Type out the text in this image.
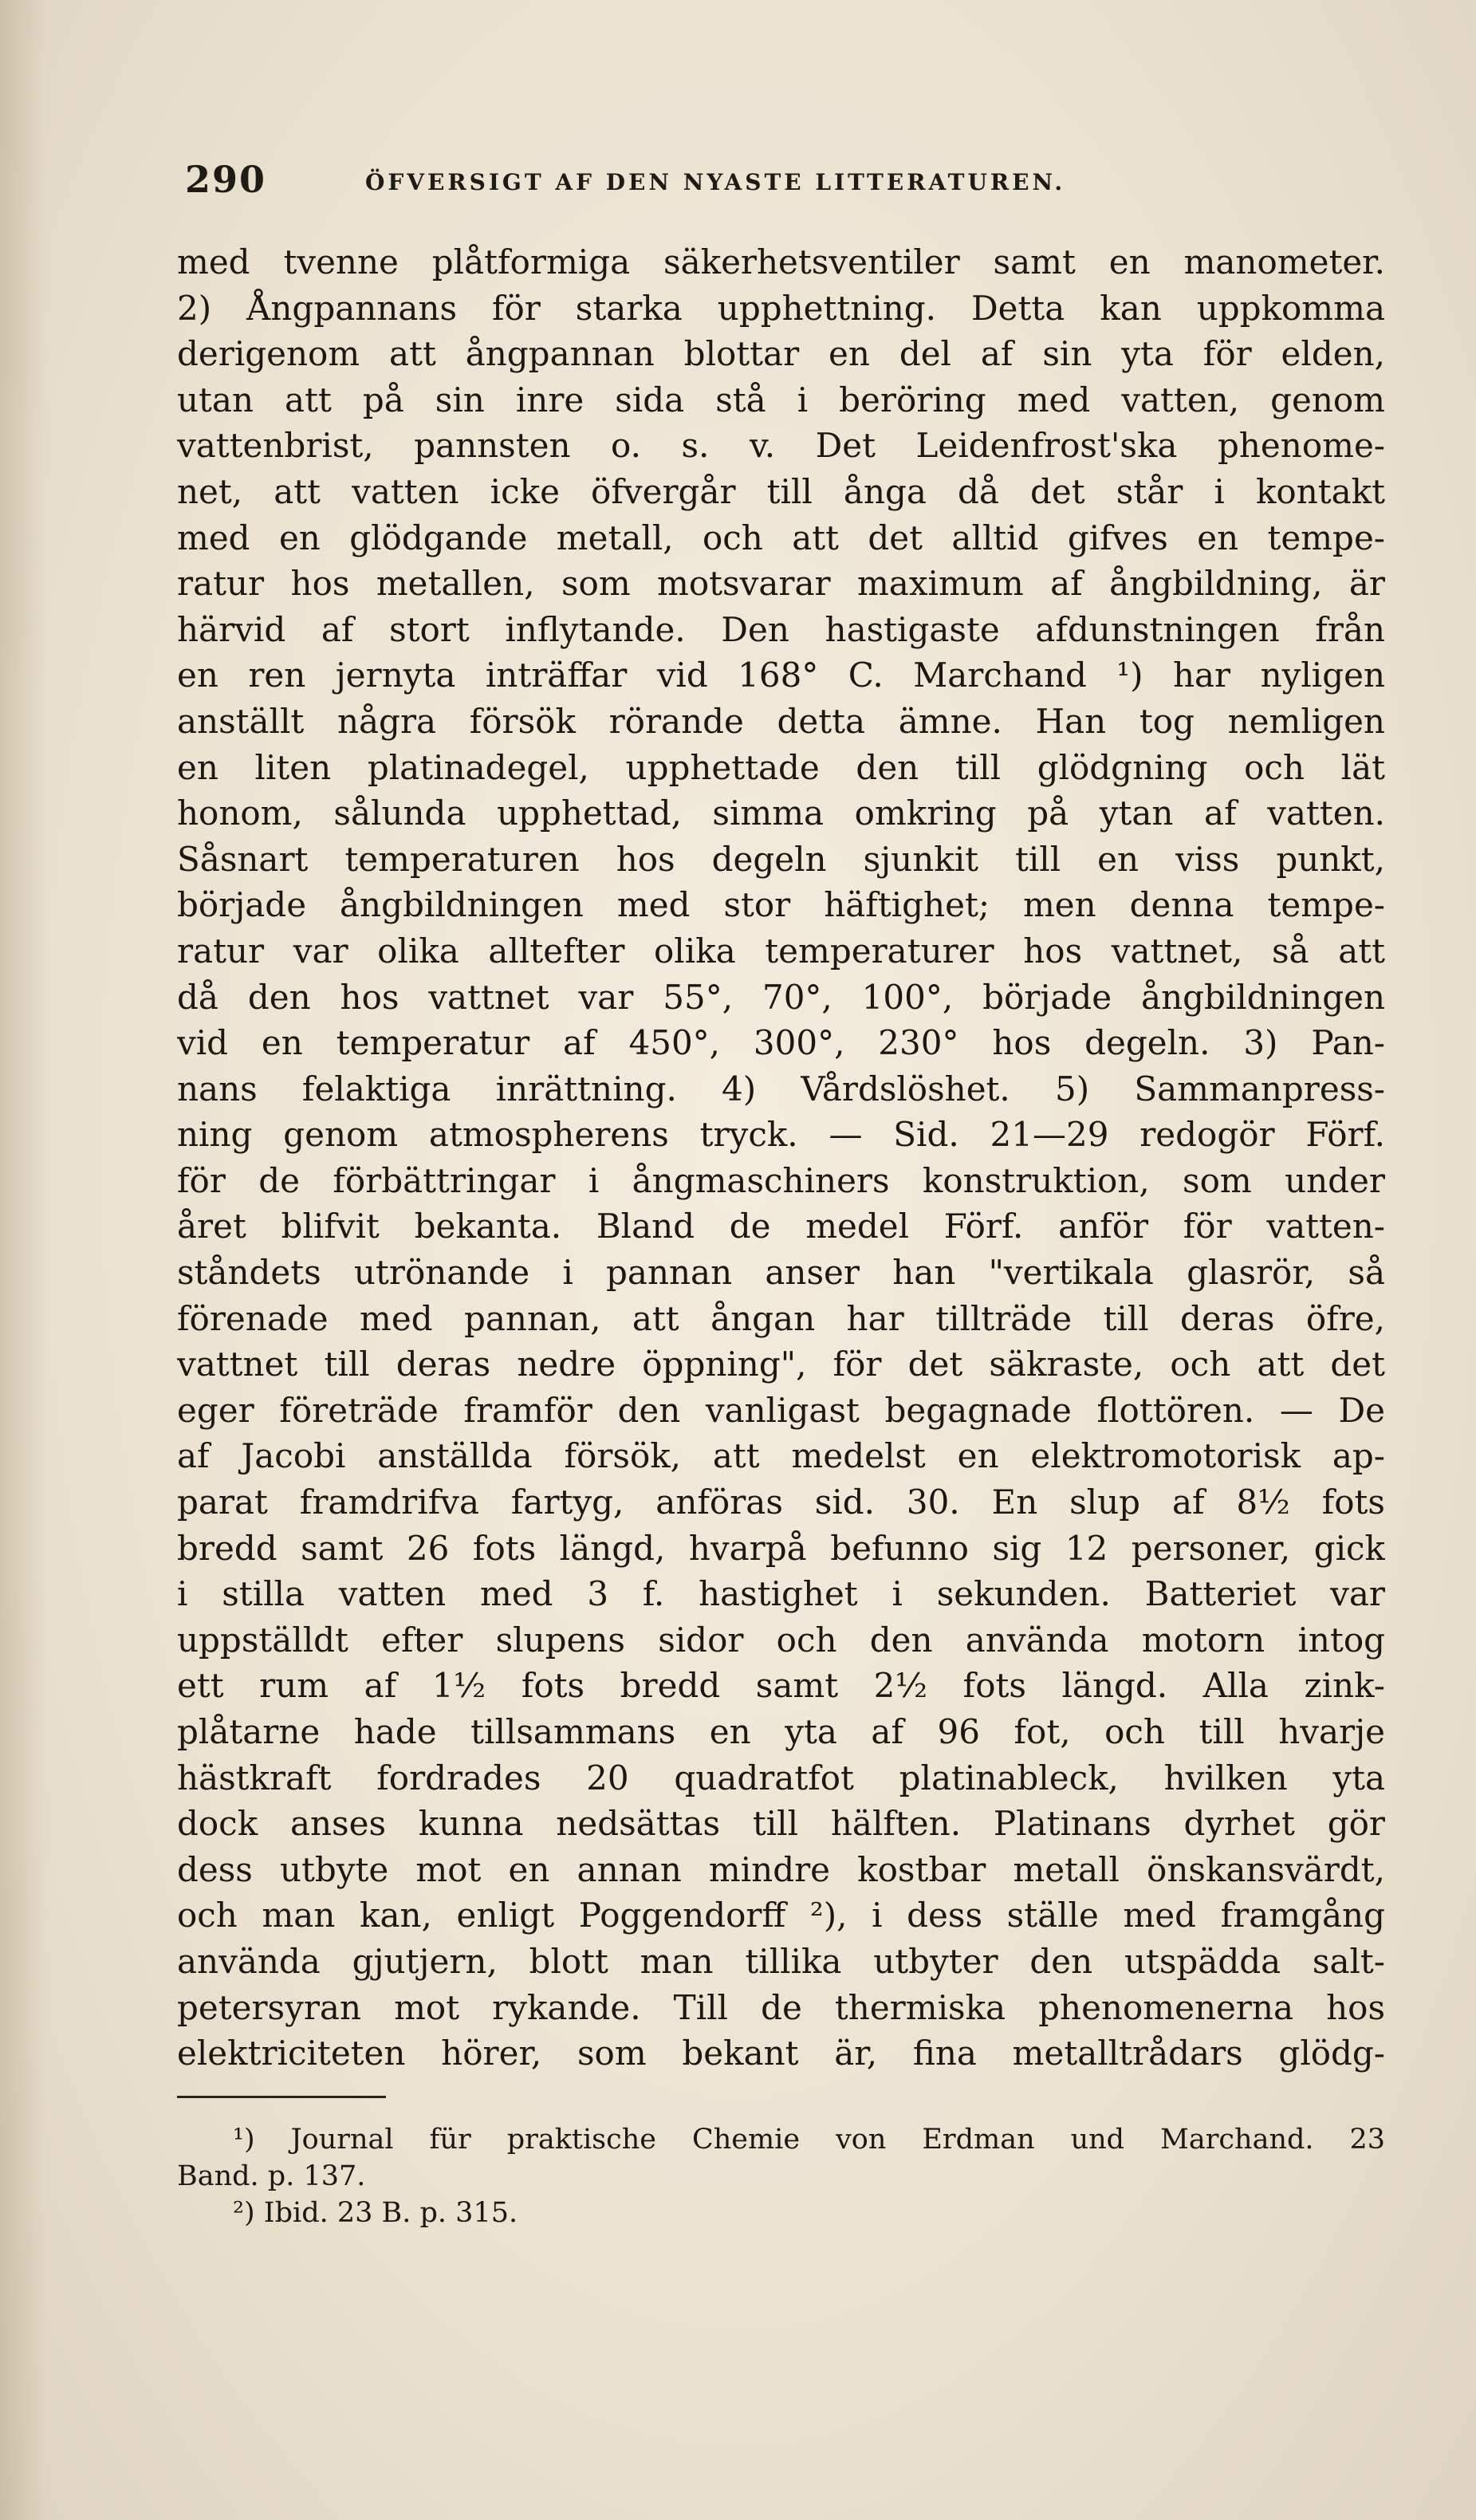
290	ÖFVERSIGT AF DEN NYASTE LITTERATUREN.
med tvenne plåtformiga säkerhetsventiler samt en manometer.
2) Ångpannans för starka upphettning. Detta kan uppkomma
derigenom att ångpannan blottar en del af sin yta för elden,
utan att på sin inre sida stå i beröring med vatten, genom
vattenbrist, pannsten o. s. v. Det Leidenfrost'ska phenome-
net, att vatten icke öfvergår till ånga då det står i kontakt
med en glödgande metall, och att det alltid gifves en tempe-
ratur hos metallen, som motsvarar maximum af ångbildning, är
härvid af stort inflytande. Den hastigaste afdunstningen från
en ren jernyta inträffar vid 168° C. Marchand ¹) har nyligen
anställt några försök rörande detta ämne. Han tog nemligen
en liten platinadegel, upphettade den till glödgning och lät
honom, sålunda upphettad, simma omkring på ytan af vatten.
Såsnart temperaturen hos degeln sjunkit till en viss punkt,
började ångbildningen med stor häftighet; men denna tempe-
ratur var olika alltefter olika temperaturer hos vattnet, så att
då den hos vattnet var 55°, 70°, 100°, började ångbildningen
vid en temperatur af 450°, 300°, 230° hos degeln. 3) Pan-
nans felaktiga inrättning. 4) Vårdslöshet. 5) Sammanpress-
ning genom atmospherens tryck. — Sid. 21—29 redogör Förf.
för de förbättringar i ångmaschiners konstruktion, som under
året blifvit bekanta. Bland de medel Förf. anför för vatten-
ståndets utrönande i pannan anser han "vertikala glasrör, så
förenade med pannan, att ångan har tillträde till deras öfre,
vattnet till deras nedre öppning", för det säkraste, och att det
eger företräde framför den vanligast begagnade flottören. — De
af Jacobi anställda försök, att medelst en elektromotorisk ap-
parat framdrifva fartyg, anföras sid. 30. En slup af 8½ fots
bredd samt 26 fots längd, hvarpå befunno sig 12 personer, gick
i stilla vatten med 3 f. hastighet i sekunden. Batteriet var
uppställdt efter slupens sidor och den använda motorn intog
ett rum af 1½ fots bredd samt 2½ fots längd. Alla zink-
plåtarne hade tillsammans en yta af 96 fot, och till hvarje
hästkraft fordrades 20 quadratfot platinableck, hvilken yta
dock anses kunna nedsättas till hälften. Platinans dyrhet gör
dess utbyte mot en annan mindre kostbar metall önskansvärdt,
och man kan, enligt Poggendorff ²), i dess ställe med framgång
använda gjutjern, blott man tillika utbyter den utspädda salt-
petersyran mot rykande. Till de thermiska phenomenerna hos
elektriciteten hörer, som bekant är, fina metalltrådars glödg-
¹) Journal für praktische Chemie von Erdman und Marchand. 23
Band. p. 137.
²) Ibid. 23 B. p. 315.
